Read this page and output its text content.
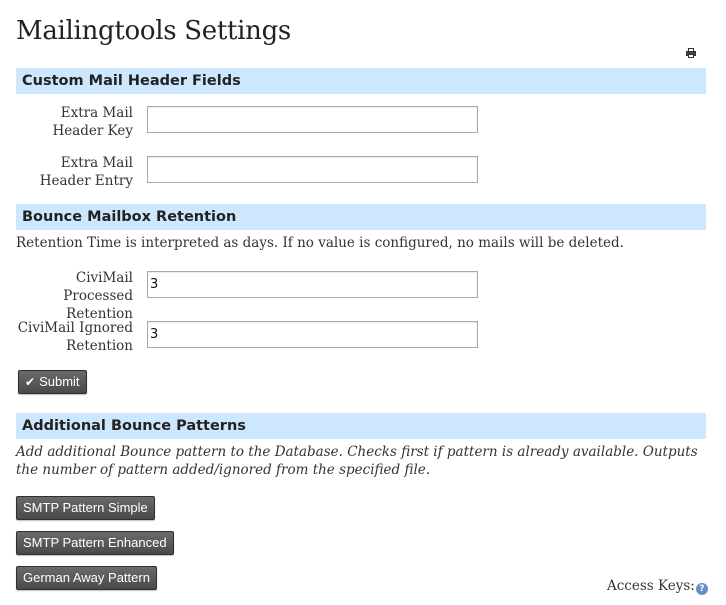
Mailingtools Settings
Custom Mail Header Fields
Extra Mail Header Key
Extra Mail Header Entry
Bounce Mailbox Retention
Retention Time is interpreted as days. If no value is configured, no mails will be deleted.
CiviMail Processed Retention
3
CiviMail Ignored Retention
3
✔ Submit
Additional Bounce Patterns
Add additional Bounce pattern to the Database. Checks first if pattern is already available. Outputs the number of pattern added/ignored from the specified file.
SMTP Pattern Simple
SMTP Pattern Enhanced
German Away Pattern
Access Keys: ?
